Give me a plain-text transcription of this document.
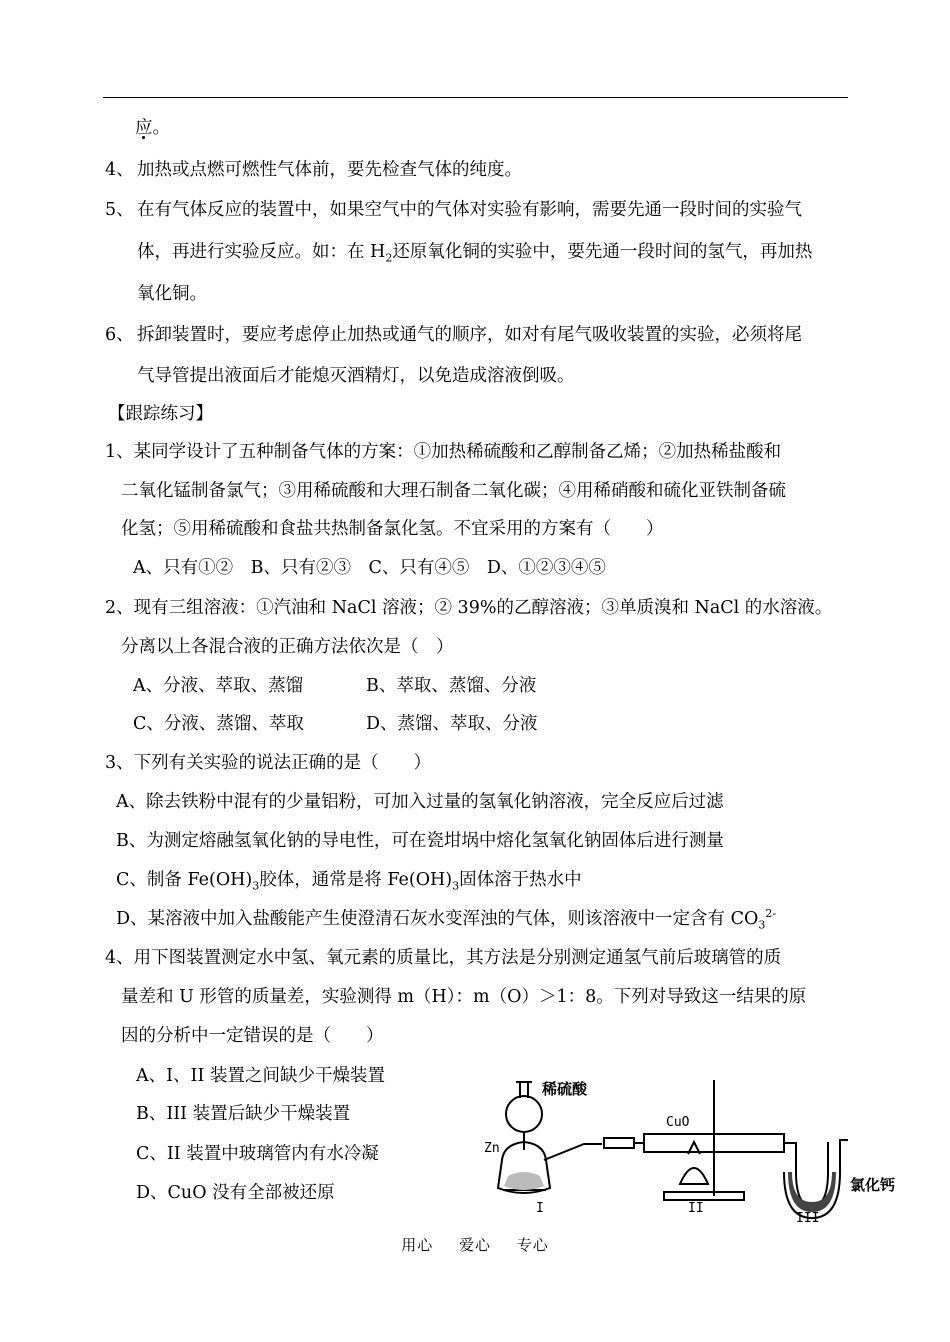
应。
4、 加热或点燃可燃性气体前，要先检查气体的纯度。
5、 在有气体反应的装置中，如果空气中的气体对实验有影响，需要先通一段时间的实验气
体，再进行实验反应。如：在 $H_2$还原氧化铜的实验中，要先通一段时间的氢气，再加热
氧化铜。
6、 拆卸装置时，要应考虑停止加热或通气的顺序，如对有尾气吸收装置的实验，必须将尾
气导管提出液面后才能熄灭酒精灯，以免造成溶液倒吸。
【跟踪练习】
1、某同学设计了五种制备气体的方案：①加热稀硫酸和乙醇制备乙烯；②加热稀盐酸和
二氧化锰制备氯气；③用稀硫酸和大理石制备二氧化碳；④用稀硝酸和硫化亚铁制备硫
化氢；⑤用稀硫酸和食盐共热制备氯化氢。不宜采用的方案有（　　）
A、只有①②　B、只有②③　C、只有④⑤　D、①②③④⑤
2、现有三组溶液：①汽油和 NaCl 溶液；② 39%的乙醇溶液；③单质溴和 NaCl 的水溶液。
分离以上各混合液的正确方法依次是（　）
A、分液、萃取、蒸馏	B、萃取、蒸馏、分液
C、分液、蒸馏、萃取	D、蒸馏、萃取、分液
3、下列有关实验的说法正确的是（　　）
A、除去铁粉中混有的少量铝粉，可加入过量的氢氧化钠溶液，完全反应后过滤
B、为测定熔融氢氧化钠的导电性，可在瓷坩埚中熔化氢氧化钠固体后进行测量
C、制备 $Fe(OH)_3$胶体，通常是将 $Fe(OH)_3$固体溶于热水中
D、某溶液中加入盐酸能产生使澄清石灰水变浑浊的气体，则该溶液中一定含有 $CO_3^{2-}$
4、用下图装置测定水中氢、氧元素的质量比，其方法是分别测定通氢气前后玻璃管的质
量差和 U 形管的质量差，实验测得 m（H）：m（O）＞1：8。下列对导致这一结果的原
因的分析中一定错误的是（　　）
A、I、II 装置之间缺少干燥装置
B、III 装置后缺少干燥装置
C、II 装置中玻璃管内有水冷凝
D、CuO 没有全部被还原
稀硫酸
CuO
Zn
氯化钙
I	II
III
用心 爱心 专心
